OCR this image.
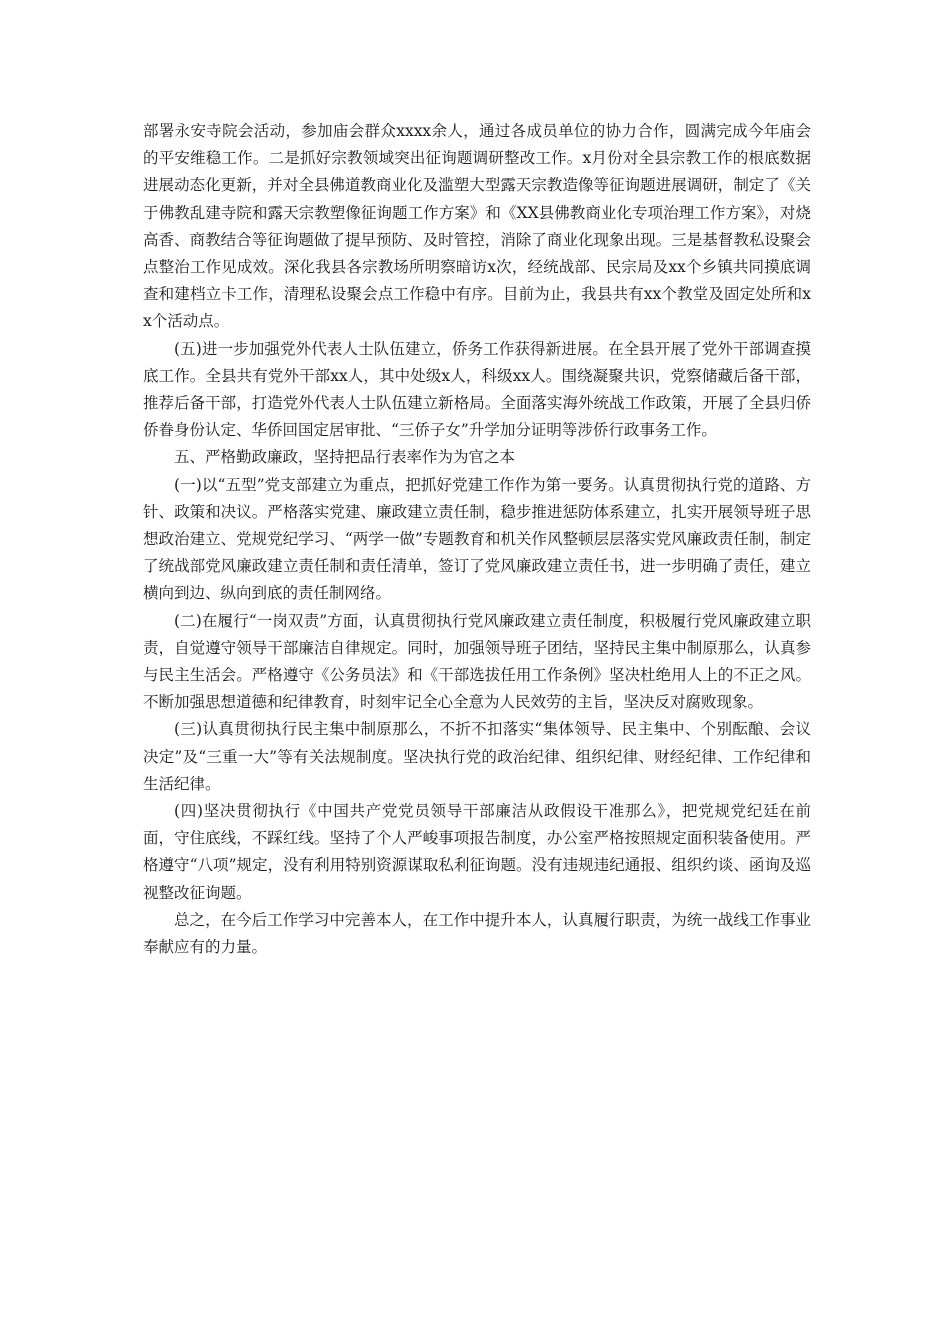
部署永安寺院会活动，参加庙会群众xxxx余人，通过各成员单位的协力合作，圆满完成今年庙会的平安维稳工作。二是抓好宗教领域突出征询题调研整改工作。x月份对全县宗教工作的根底数据进展动态化更新，并对全县佛道教商业化及滥塑大型露天宗教造像等征询题进展调研，制定了《关于佛教乱建寺院和露天宗教塑像征询题工作方案》和《XX县佛教商业化专项治理工作方案》，对烧高香、商教结合等征询题做了提早预防、及时管控，消除了商业化现象出现。三是基督教私设聚会点整治工作见成效。深化我县各宗教场所明察暗访x次，经统战部、民宗局及xx个乡镇共同摸底调查和建档立卡工作，清理私设聚会点工作稳中有序。目前为止，我县共有xx个教堂及固定处所和xx个活动点。

(五)进一步加强党外代表人士队伍建立，侨务工作获得新进展。在全县开展了党外干部调查摸底工作。全县共有党外干部xx人，其中处级x人，科级xx人。围绕凝聚共识，党察储藏后备干部，推荐后备干部，打造党外代表人士队伍建立新格局。全面落实海外统战工作政策，开展了全县归侨侨眷身份认定、华侨回国定居审批、“三侨子女”升学加分证明等涉侨行政事务工作。

五、严格勤政廉政，坚持把品行表率作为为官之本

(一)以“五型”党支部建立为重点，把抓好党建工作作为第一要务。认真贯彻执行党的道路、方针、政策和决议。严格落实党建、廉政建立责任制，稳步推进惩防体系建立，扎实开展领导班子思想政治建立、党规党纪学习、“两学一做”专题教育和机关作风整顿层层落实党风廉政责任制，制定了统战部党风廉政建立责任制和责任清单，签订了党风廉政建立责任书，进一步明确了责任，建立横向到边、纵向到底的责任制网络。

(二)在履行“一岗双责”方面，认真贯彻执行党风廉政建立责任制度，积极履行党风廉政建立职责，自觉遵守领导干部廉洁自律规定。同时，加强领导班子团结，坚持民主集中制原那么，认真参与民主生活会。严格遵守《公务员法》和《干部选拔任用工作条例》坚决杜绝用人上的不正之风。不断加强思想道德和纪律教育，时刻牢记全心全意为人民效劳的主旨，坚决反对腐败现象。

(三)认真贯彻执行民主集中制原那么，不折不扣落实“集体领导、民主集中、个别酝酿、会议决定”及“三重一大”等有关法规制度。坚决执行党的政治纪律、组织纪律、财经纪律、工作纪律和生活纪律。

(四)坚决贯彻执行《中国共产党党员领导干部廉洁从政假设干准那么》，把党规党纪廷在前面，守住底线，不踩红线。坚持了个人严峻事项报告制度，办公室严格按照规定面积装备使用。严格遵守“八项”规定，没有利用特别资源谋取私利征询题。没有违规违纪通报、组织约谈、函询及巡视整改征询题。

总之，在今后工作学习中完善本人，在工作中提升本人，认真履行职责，为统一战线工作事业奉献应有的力量。
